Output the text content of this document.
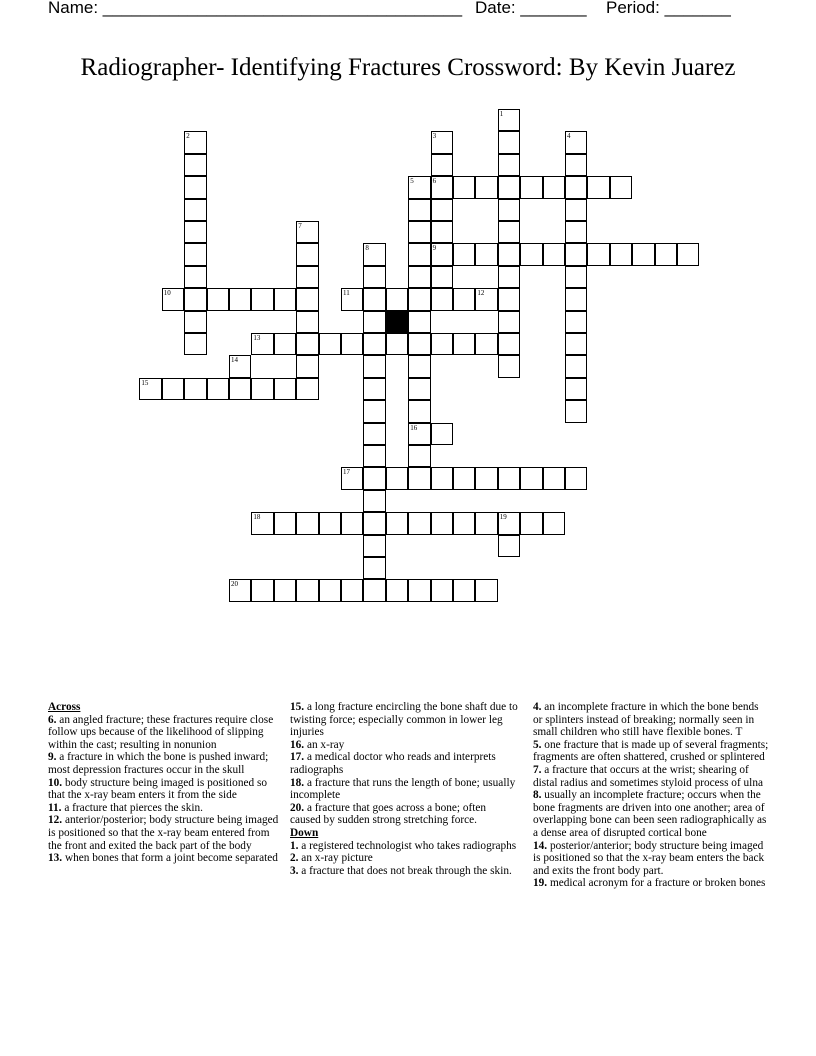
Name: ______________________________________ Date: _______ Period: _______
Radiographer- Identifying Fractures Crossword: By Kevin Juarez
1
2	3
6
9
4
5
16
7
8
10	11	12
13
14
15
17
18	19
20
Across
6. an angled fracture; these fractures require close follow ups because of the likelihood of slipping within the cast; resulting in nonunion
9. a fracture in which the bone is pushed inward; most depression fractures occur in the skull
10. body structure being imaged is positioned so that the x-ray beam enters it from the side
11. a fracture that pierces the skin.
12. anterior/posterior; body structure being imaged is positioned so that the x-ray beam entered from the front and exited the back part of the body
13. when bones that form a joint become separated
15. a long fracture encircling the bone shaft due to twisting force; especially common in lower leg injuries
16. an x-ray
17. a medical doctor who reads and interprets radiographs
18. a fracture that runs the length of bone; usually incomplete
20. a fracture that goes across a bone; often caused by sudden strong stretching force.
Down
1. a registered technologist who takes radiographs
2. an x-ray picture
3. a fracture that does not break through the skin.
4. an incomplete fracture in which the bone bends or splinters instead of breaking; normally seen in small children who still have flexible bones. T
5. one fracture that is made up of several fragments; fragments are often shattered, crushed or splintered
7. a fracture that occurs at the wrist; shearing of distal radius and sometimes styloid process of ulna
8. usually an incomplete fracture; occurs when the bone fragments are driven into one another; area of overlapping bone can been seen radiographically as a dense area of disrupted cortical bone
14. posterior/anterior; body structure being imaged is positioned so that the x-ray beam enters the back and exits the front body part.
19. medical acronym for a fracture or broken bones
